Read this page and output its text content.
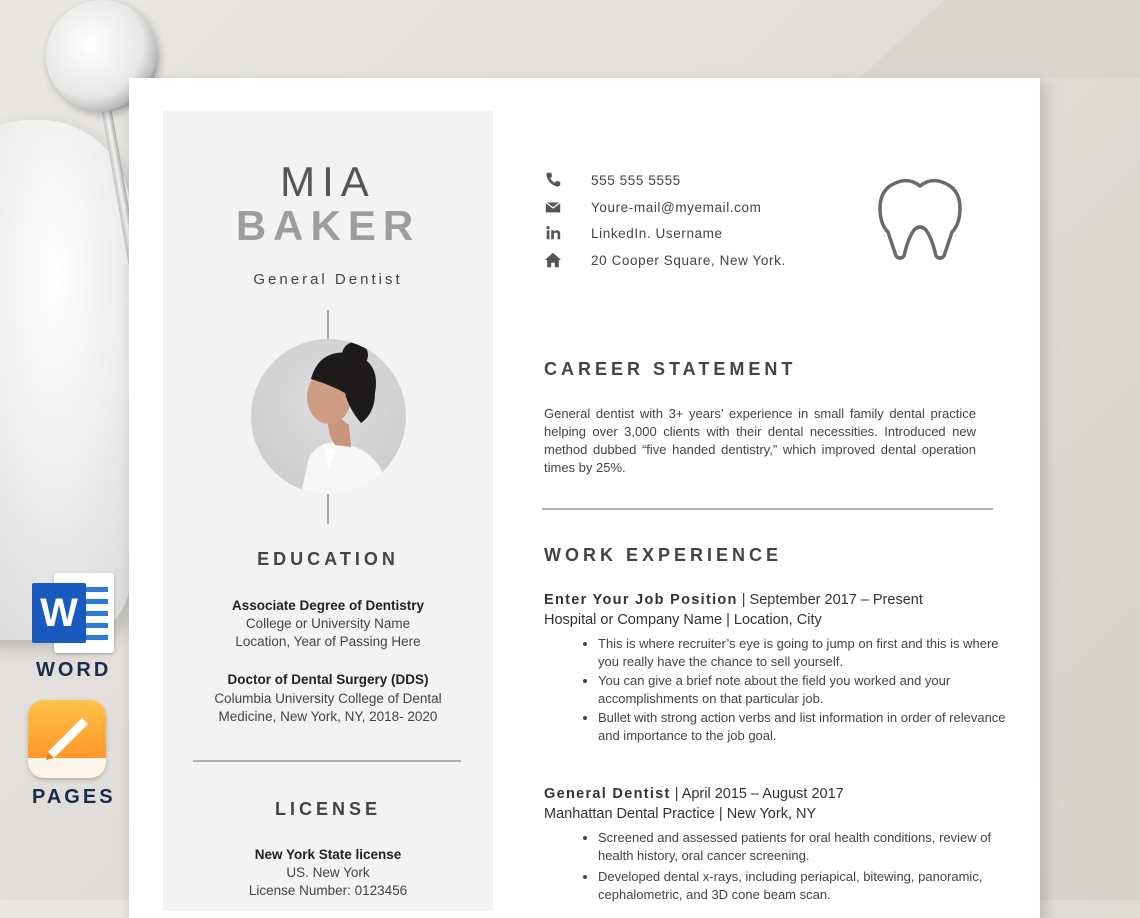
W
WORD
PAGES
MIA
BAKER
General Dentist
EDUCATION
Associate Degree of Dentistry
College or University Name
Location, Year of Passing Here
Doctor of Dental Surgery (DDS)
Columbia University College of Dental
Medicine, New York, NY, 2018- 2020
LICENSE
New York State license
US. New York
License Number: 0123456
555 555 5555
Youre-mail@myemail.com
LinkedIn. Username
20 Cooper Square, New York.
CAREER STATEMENT
General dentist with 3+ years’ experience in small family dental practice helping over 3,000 clients with their dental necessities. Introduced new method dubbed “five handed dentistry,” which improved dental operation times by 25%.
WORK EXPERIENCE
Enter Your Job Position | September 2017 – Present
Hospital or Company Name | Location, City
• This is where recruiter’s eye is going to jump on first and this is where you really have the chance to sell yourself.
• You can give a brief note about the field you worked and your accomplishments on that particular job.
• Bullet with strong action verbs and list information in order of relevance and importance to the job goal.
General Dentist | April 2015 – August 2017
Manhattan Dental Practice | New York, NY
• Screened and assessed patients for oral health conditions, review of health history, oral cancer screening.
• Developed dental x-rays, including periapical, bitewing, panoramic, cephalometric, and 3D cone beam scan.
